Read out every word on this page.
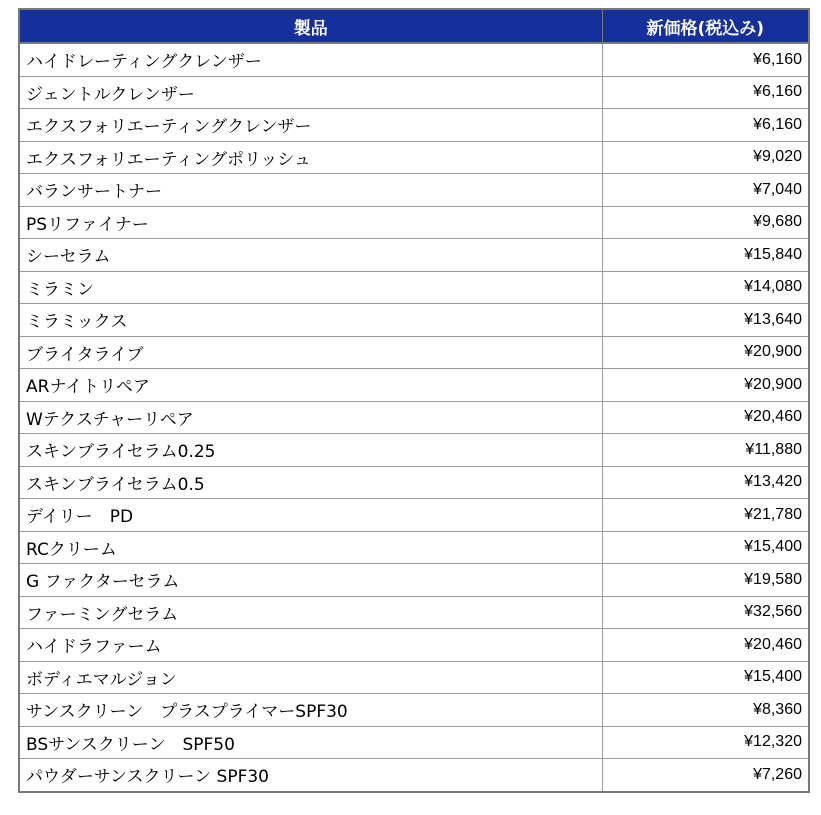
製品	新価格(税込み)
ハイドレーティングクレンザー	¥6,160
ジェントルクレンザー	¥6,160
エクスフォリエーティングクレンザー	¥6,160
エクスフォリエーティングポリッシュ	¥9,020
バランサートナー	¥7,040
PSリファイナー	¥9,680
シーセラム	¥15,840
ミラミン	¥14,080
ミラミックス	¥13,640
ブライタライブ	¥20,900
ARナイトリペア	¥20,900
Wテクスチャーリペア	¥20,460
スキンブライセラム0.25	¥11,880
スキンブライセラム0.5	¥13,420
デイリー　PD	¥21,780
RCクリーム	¥15,400
G ファクターセラム	¥19,580
ファーミングセラム	¥32,560
ハイドラファーム	¥20,460
ボディエマルジョン	¥15,400
サンスクリーン　プラスプライマーSPF30	¥8,360
BSサンスクリーン　SPF50	¥12,320
パウダーサンスクリーン SPF30	¥7,260
